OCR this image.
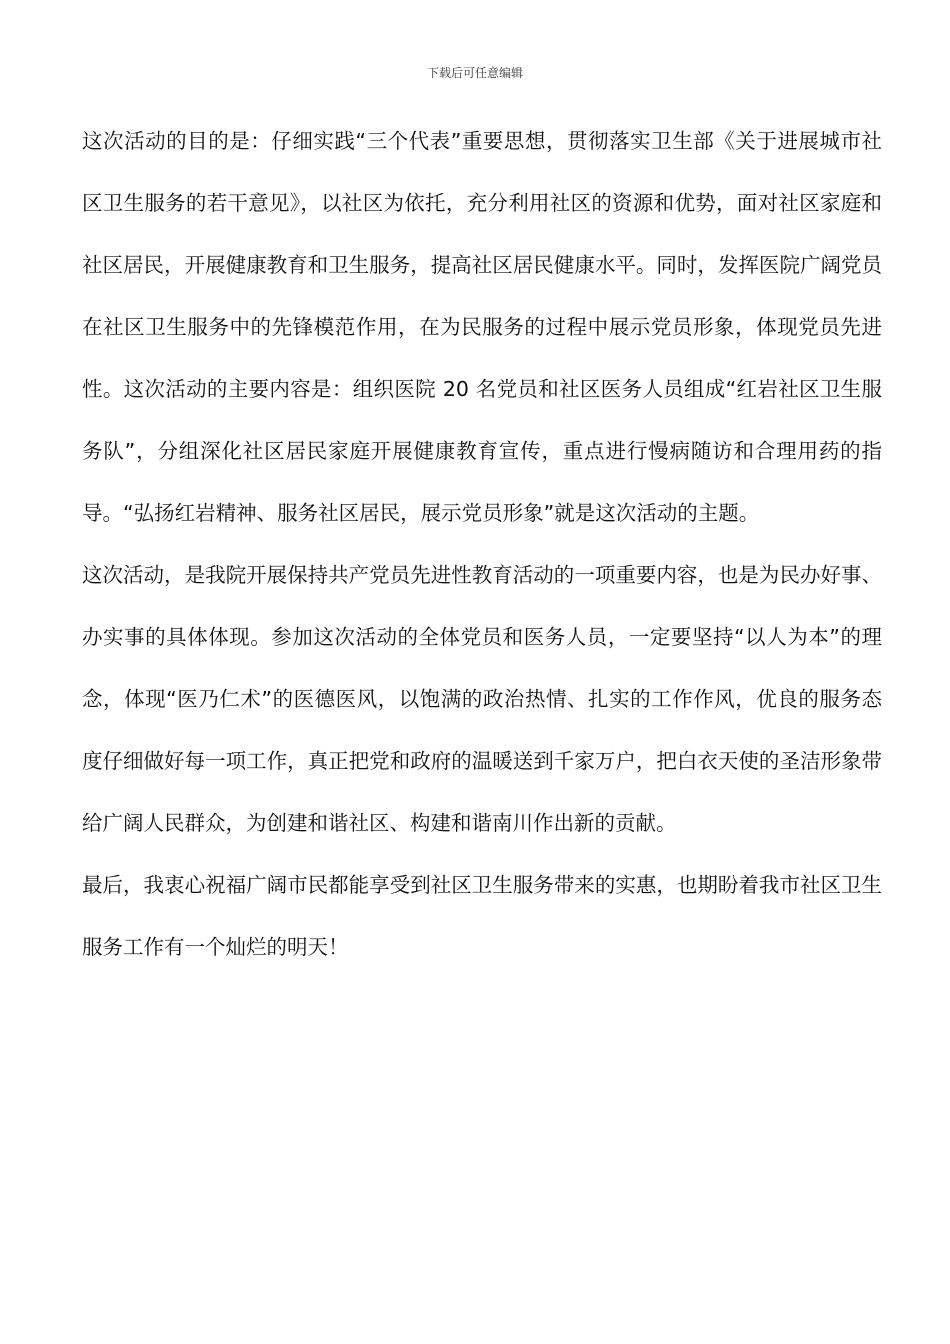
下载后可任意编辑

这次活动的目的是：仔细实践“三个代表”重要思想，贯彻落实卫生部《关于进展城市社区卫生服务的若干意见》，以社区为依托，充分利用社区的资源和优势，面对社区家庭和社区居民，开展健康教育和卫生服务，提高社区居民健康水平。同时，发挥医院广阔党员在社区卫生服务中的先锋模范作用，在为民服务的过程中展示党员形象，体现党员先进性。这次活动的主要内容是：组织医院 20 名党员和社区医务人员组成“红岩社区卫生服务队”，分组深化社区居民家庭开展健康教育宣传，重点进行慢病随访和合理用药的指导。“弘扬红岩精神、服务社区居民，展示党员形象”就是这次活动的主题。

这次活动，是我院开展保持共产党员先进性教育活动的一项重要内容，也是为民办好事、办实事的具体体现。参加这次活动的全体党员和医务人员，一定要坚持“以人为本”的理念，体现“医乃仁术”的医德医风，以饱满的政治热情、扎实的工作作风，优良的服务态度仔细做好每一项工作，真正把党和政府的温暖送到千家万户，把白衣天使的圣洁形象带给广阔人民群众，为创建和谐社区、构建和谐南川作出新的贡献。

最后，我衷心祝福广阔市民都能享受到社区卫生服务带来的实惠，也期盼着我市社区卫生服务工作有一个灿烂的明天！
